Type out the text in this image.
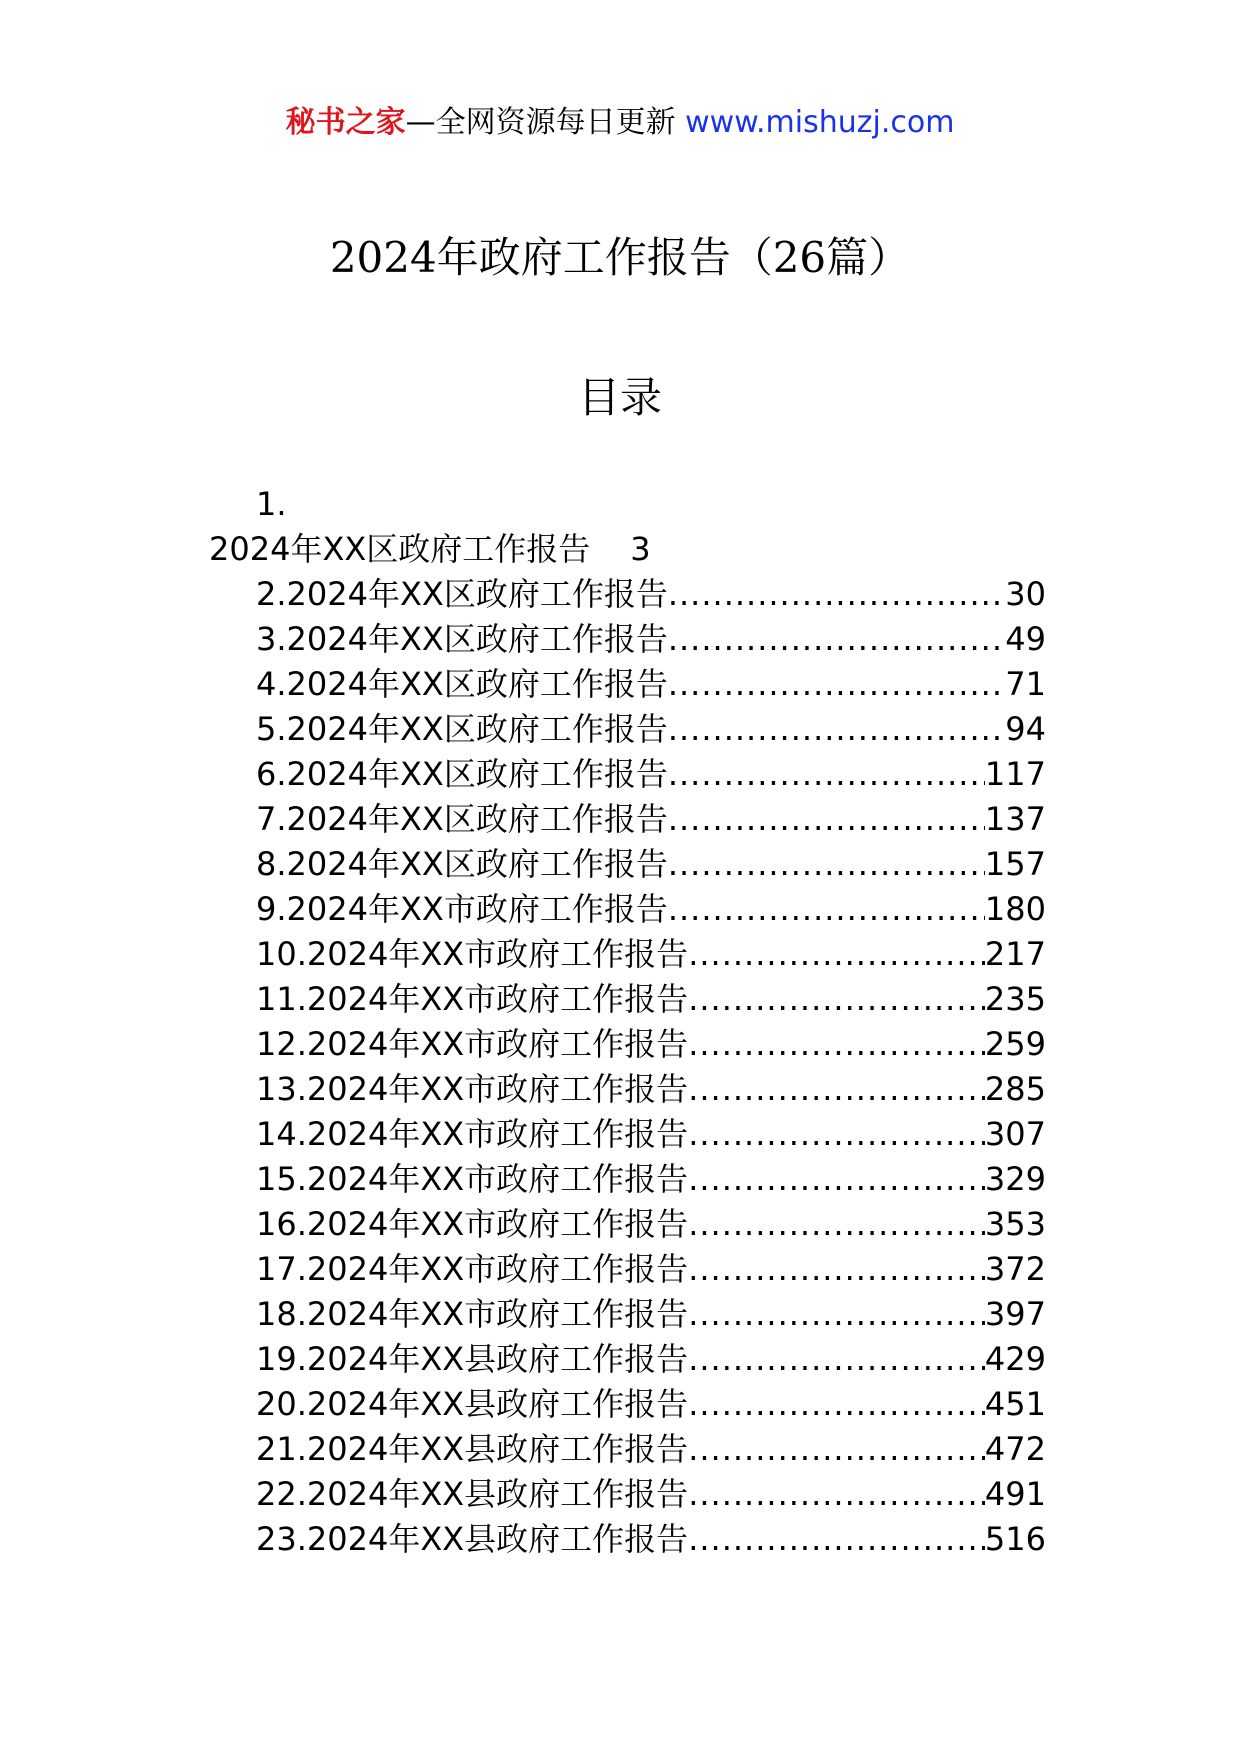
秘书之家—全网资源每日更新 www.mishuzj.com
2024年政府工作报告（26篇）
目录
1.
2024年XX区政府工作报告 3
2. 2024年XX区政府工作报告 .....	30
3. 2024年XX区政府工作报告 .....	49
4. 2024年XX区政府工作报告 .....	71
5. 2024年XX区政府工作报告 .....	94
6. 2024年XX区政府工作报告 .....	117
7. 2024年XX区政府工作报告 .....	137
8. 2024年XX区政府工作报告 .....	157
9. 2024年XX市政府工作报告 .....	180
10. 2024年XX市政府工作报告 .....	217
11. 2024年XX市政府工作报告 .....	235
12. 2024年XX市政府工作报告 .....	259
13. 2024年XX市政府工作报告 .....	285
14. 2024年XX市政府工作报告 .....	307
15. 2024年XX市政府工作报告 .....	329
16. 2024年XX市政府工作报告 .....	353
17. 2024年XX市政府工作报告 .....	372
18. 2024年XX市政府工作报告 .....	397
19. 2024年XX县政府工作报告 .....	429
20. 2024年XX县政府工作报告 .....	451
21. 2024年XX县政府工作报告 .....	472
22. 2024年XX县政府工作报告 .....	491
23. 2024年XX县政府工作报告 .....	516
